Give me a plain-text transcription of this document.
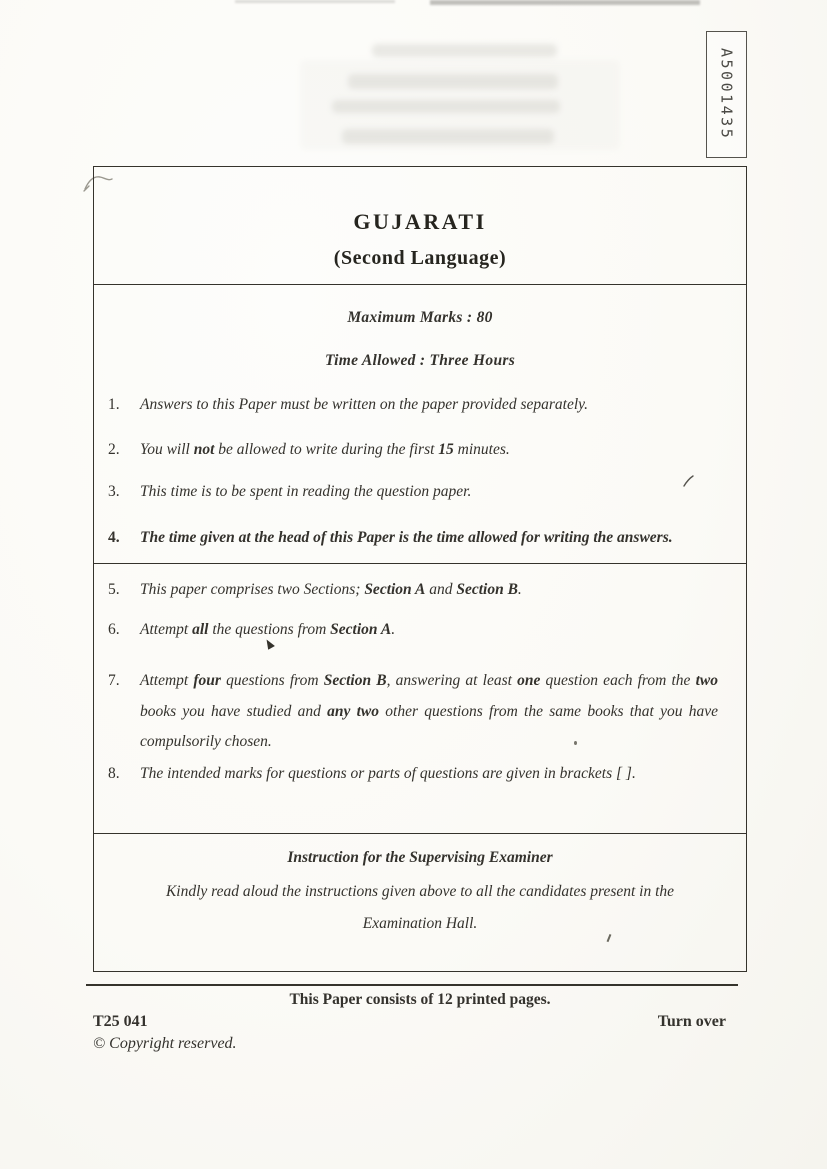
A5001435
GUJARATI
(Second Language)
Maximum Marks : 80
Time Allowed : Three Hours
1. Answers to this Paper must be written on the paper provided separately.
2. You will not be allowed to write during the first 15 minutes.
3. This time is to be spent in reading the question paper.
4. The time given at the head of this Paper is the time allowed for writing the answers.
5. This paper comprises two Sections; Section A and Section B.
6. Attempt all the questions from Section A.
7. Attempt four questions from Section B, answering at least one question each from the two books you have studied and any two other questions from the same books that you have compulsorily chosen.
8. The intended marks for questions or parts of questions are given in brackets [ ].
Instruction for the Supervising Examiner
Kindly read aloud the instructions given above to all the candidates present in the
Examination Hall.
This Paper consists of 12 printed pages.
T25 041	Turn over
© Copyright reserved.
